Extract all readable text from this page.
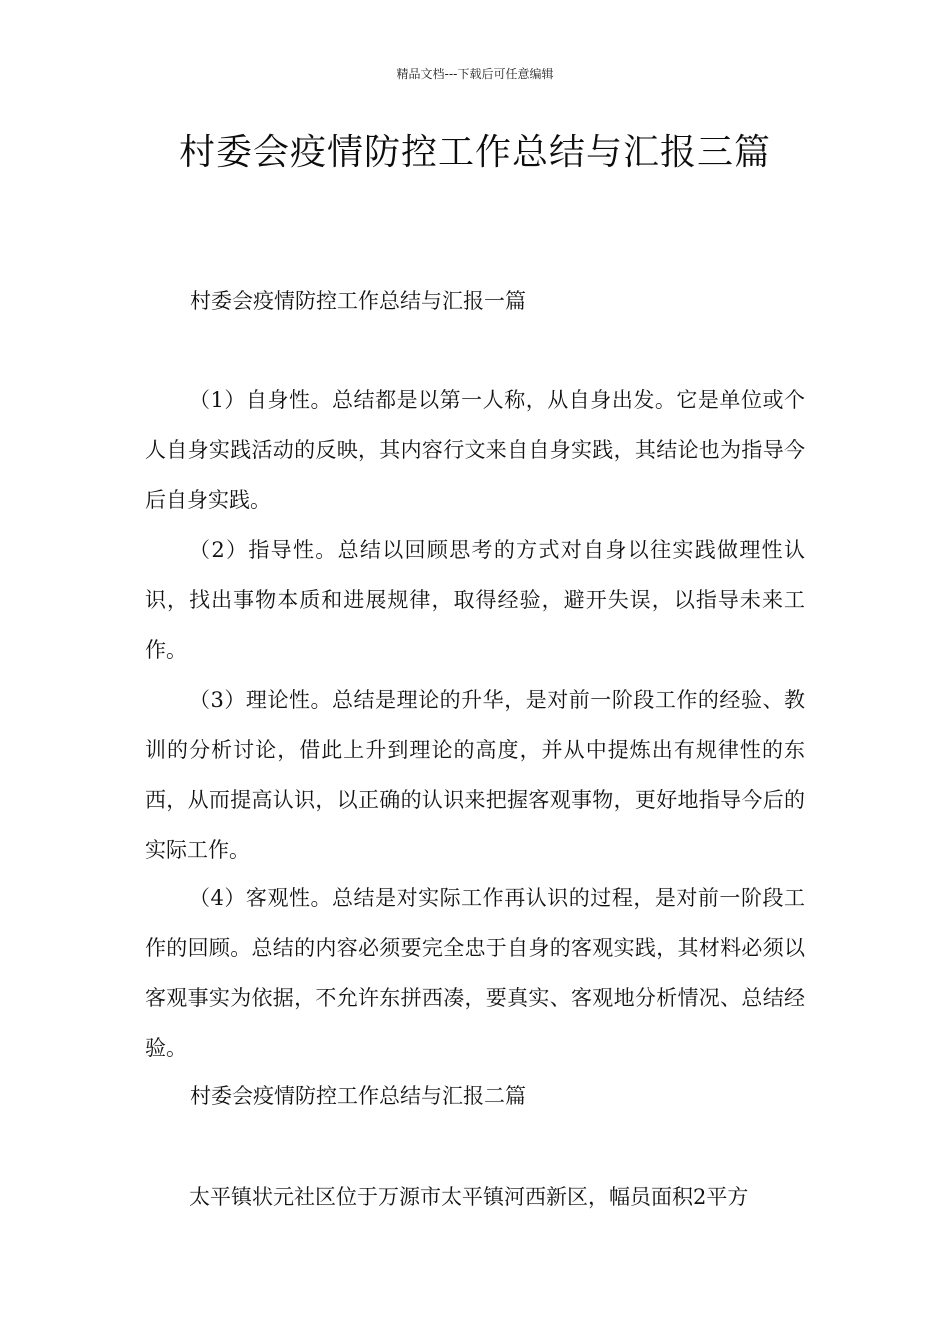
精品文档---下载后可任意编辑
村委会疫情防控工作总结与汇报三篇
村委会疫情防控工作总结与汇报一篇

（1）自身性。总结都是以第一人称，从自身出发。它是单位或个人自身实践活动的反映，其内容行文来自自身实践，其结论也为指导今后自身实践。

（2）指导性。总结以回顾思考的方式对自身以往实践做理性认识，找出事物本质和进展规律，取得经验，避开失误，以指导未来工作。

（3）理论性。总结是理论的升华，是对前一阶段工作的经验、教训的分析讨论，借此上升到理论的高度，并从中提炼出有规律性的东西，从而提高认识，以正确的认识来把握客观事物，更好地指导今后的实际工作。

（4）客观性。总结是对实际工作再认识的过程，是对前一阶段工作的回顾。总结的内容必须要完全忠于自身的客观实践，其材料必须以客观事实为依据，不允许东拼西凑，要真实、客观地分析情况、总结经验。

村委会疫情防控工作总结与汇报二篇

太平镇状元社区位于万源市太平镇河西新区，幅员面积2平方
